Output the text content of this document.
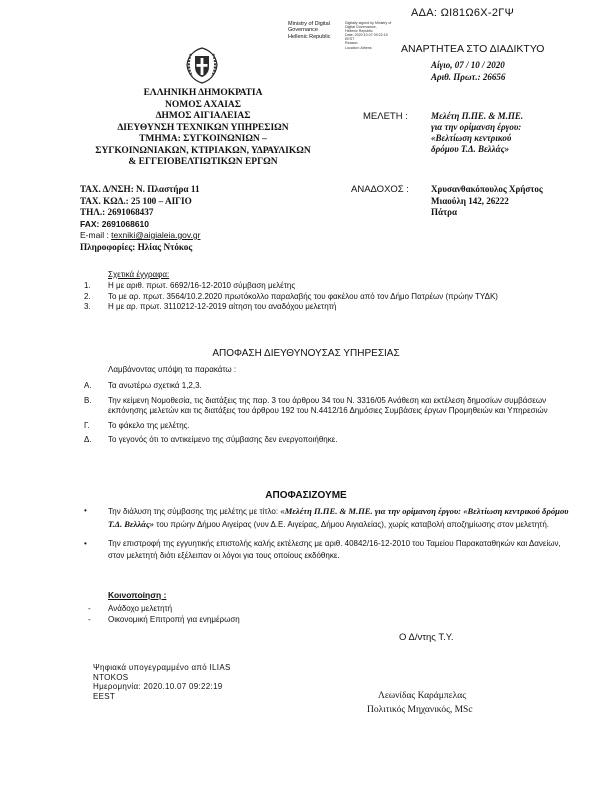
ΑΔΑ: ΩΙ81Ω6Χ-2ΓΨ
Ministry of Digital
Governance
Hellenic Republic
Digitally signed by Ministry of
Digital Governance,
Hellenic Republic
Date: 2020.10.07 09:22:19
EEST
Reason:
Location: Athens	ΑΝΑΡΤΗΤΕΑ ΣΤΟ ΔΙΑΔΙΚΤΥΟ
Αίγιο, 07 / 10 / 2020
Αριθ. Πρωτ.: 26656
ΕΛΛΗΝΙΚΗ ΔΗΜΟΚΡΑΤΙΑ
ΝΟΜΟΣ ΑΧΑΙΑΣ
ΔΗΜΟΣ ΑΙΓΙΑΛΕΙΑΣ
ΔΙΕΥΘΥΝΣΗ ΤΕΧΝΙΚΩΝ ΥΠΗΡΕΣΙΩΝ
ΤΜΗΜΑ: ΣΥΓΚΟΙΝΩΝΙΩΝ –
ΣΥΓΚΟΙΝΩΝΙΑΚΩΝ, ΚΤΙΡΙΑΚΩΝ, ΥΔΡΑΥΛΙΚΩΝ
& ΕΓΓΕΙΟΒΕΛΤΙΩΤΙΚΩΝ ΕΡΓΩΝ
ΤΑΧ. Δ/ΝΣΗ: Ν. Πλαστήρα 11
ΤΑΧ. ΚΩΔ.: 25 100 – ΑΙΓΙΟ
ΤΗΛ.: 2691068437
FAX: 2691068610
E-mail : texniki@aigialeia.gov.gr
Πληροφορίες: Ηλίας Ντόκος
ΜΕΛΕΤΗ :	Μελέτη Π.ΠΕ. & Μ.ΠΕ.
για την ορίμανση έργου:
«Βελτίωση κεντρικού
δρόμου Τ.Δ. Βελλάς»
ΑΝΑΔΟΧΟΣ : Χρυσανθακόπουλος Χρήστος
Μιαούλη 142, 26222
Πάτρα
Σχετικά έγγραφα:
1. Η με αριθ. πρωτ. 6692/16-12-2010 σύμβαση μελέτης
2. Το με αρ. πρωτ. 3564/10.2.2020 πρωτόκολλο παραλαβής του φακέλου από τον Δήμο Πατρέων (πρώην ΤΥΔΚ)
3. Η με αρ. πρωτ. 3110212-12-2019 αίτηση του αναδόχου μελετητή
ΑΠΟΦΑΣΗ ΔΙΕΥΘΥΝΟΥΣΑΣ ΥΠΗΡΕΣΙΑΣ
Λαμβάνοντας υπόψη τα παρακάτω :
Α. Τα ανωτέρω σχετικά 1,2,3.
Β. Την κείμενη Νομοθεσία, τις διατάξεις της παρ. 3 του άρθρου 34 του Ν. 3316/05 Ανάθεση και εκτέλεση δημοσίων συμβάσεων εκπόνησης μελετών και τις διατάξεις του άρθρου 192 του Ν.4412/16 Δημόσιες Συμβάσεις έργων Προμηθειών και Υπηρεσιών
Γ. Το φάκελο της μελέτης.
Δ. Το γεγονός ότι το αντικείμενο της σύμβασης δεν ενεργοποιήθηκε.
ΑΠΟΦΑΣΙΖΟΥΜΕ
•	Την διάλυση της σύμβασης της μελέτης με τίτλο: «Μελέτη Π.ΠΕ. & Μ.ΠΕ. για την ορίμανση έργου: «Βελτίωση κεντρικού δρόμου Τ.Δ. Βελλάς» του πρώην Δήμου Αιγείρας (νυν Δ.Ε. Αιγείρας, Δήμου Αιγιαλείας), χωρίς καταβολή αποζημίωσης στον μελετητή.
•	Την επιστροφή της εγγυητικής επιστολής καλής εκτέλεσης με αριθ. 40842/16-12-2010 του Ταμείου Παρακαταθηκών και Δανείων, στον μελετητή διότι εξέλειπαν οι λόγοι για τους οποίους εκδόθηκε.
Κοινοποίηση :
- Ανάδοχο μελετητή
- Οικονομική Επιτροπή για ενημέρωση
Ο Δ/ντης Τ.Υ.
Ψηφιακά υπογεγραμμένο από ILIAS
NTOKOS
Ημερομηνία: 2020.10.07 09:22:19
EEST	Λεωνίδας Καράμπελας
Πολιτικός Μηχανικός, MSc
